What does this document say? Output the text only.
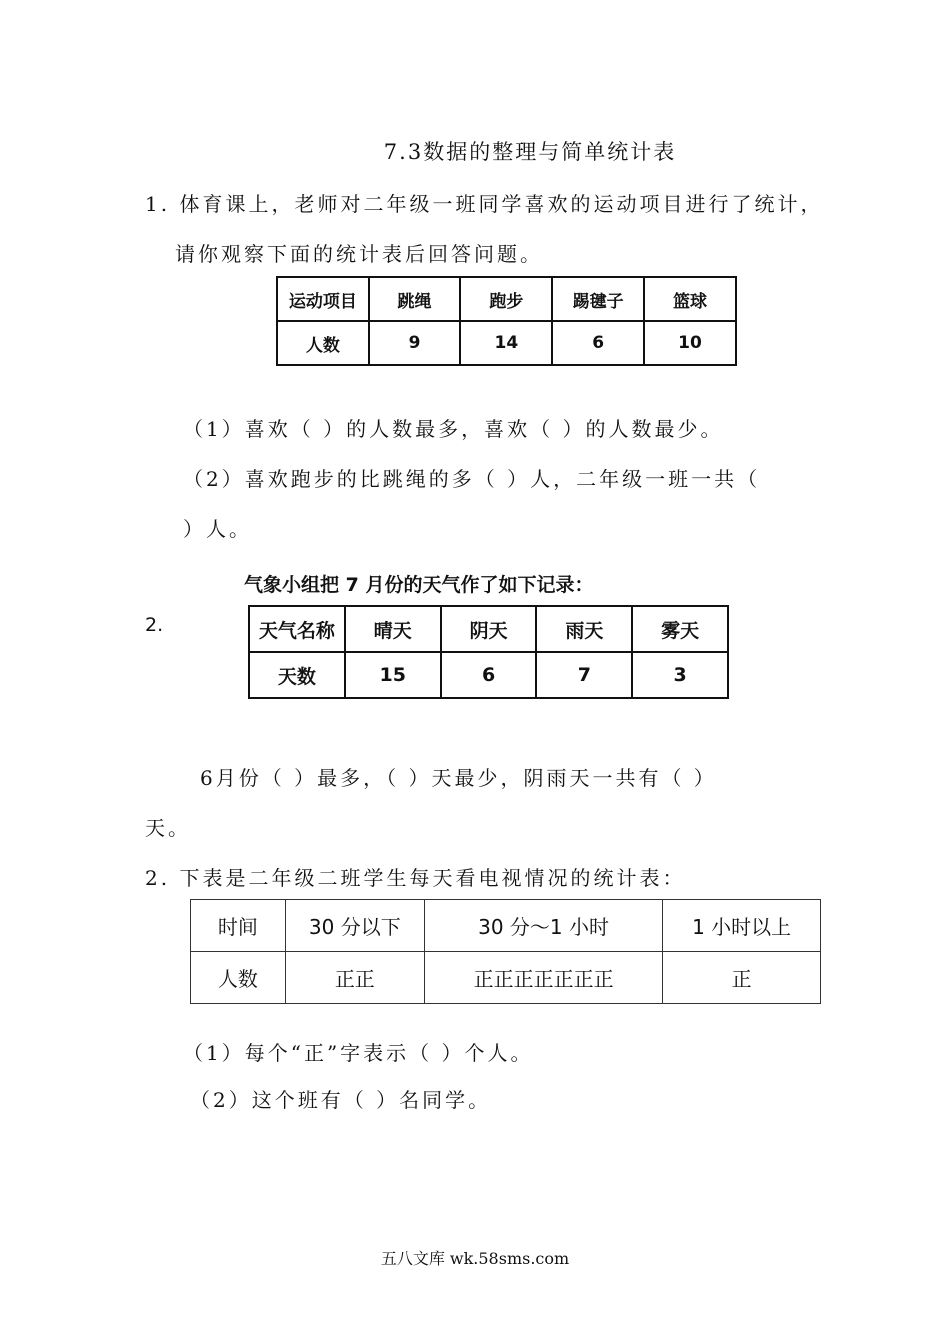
7.3数据的整理与简单统计表
1. 体育课上，老师对二年级一班同学喜欢的运动项目进行了统计，
请你观察下面的统计表后回答问题。
运动项目	跳绳	跑步	踢毽子	篮球
人数	9	14	6	10
（1）喜欢（ ）的人数最多，喜欢（ ）的人数最少。
（2）喜欢跑步的比跳绳的多（ ）人，二年级一班一共（
）人。
气象小组把 7 月份的天气作了如下记录：
2.	天气名称	晴天	阴天	雨天	雾天
天数	15	6	7	3
6月份（ ）最多，（ ）天最少，阴雨天一共有（ ）
天。
2. 下表是二年级二班学生每天看电视情况的统计表：
时间	30 分以下	30 分～1 小时	1 小时以上
人数	正正	正正正正正正正	正
（1）每个“正”字表示（ ）个人。
（2）这个班有（ ）名同学。
五八文库 wk.58sms.com
